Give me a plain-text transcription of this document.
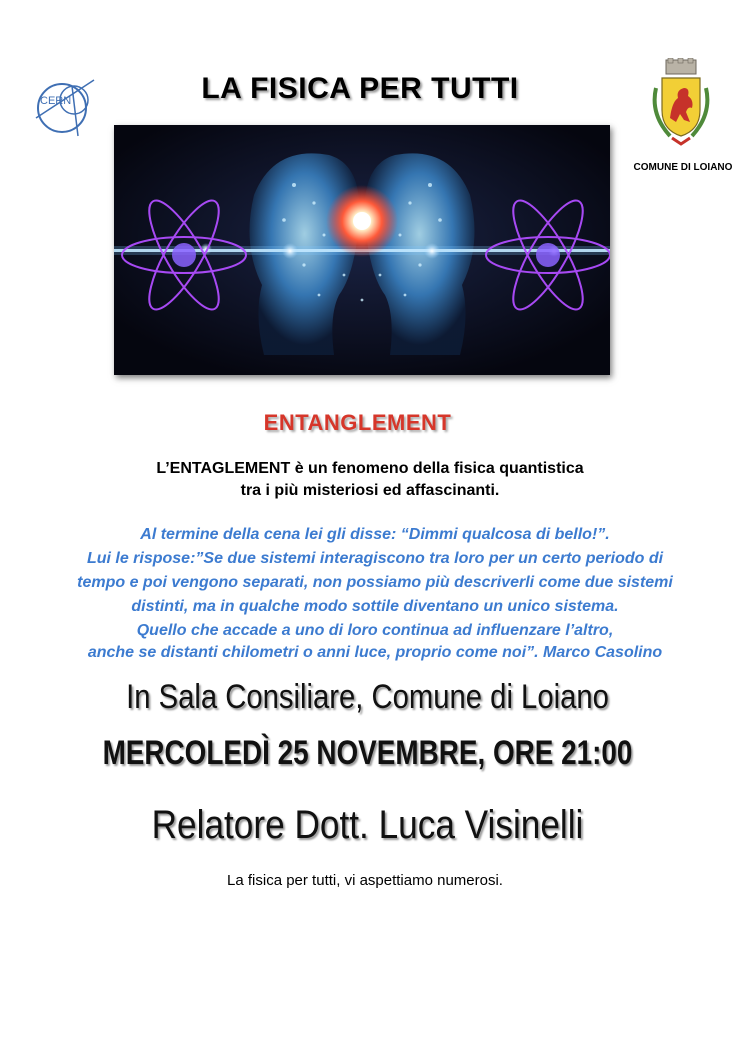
CERN	LA FISICA PER TUTTI
COMUNE DI LOIANO
ENTANGLEMENT
L’ENTAGLEMENT è un fenomeno della fisica quantistica
tra i più misteriosi ed affascinanti.
Al termine della cena lei gli disse: “Dimmi qualcosa di bello!”.
Lui le rispose:”Se due sistemi interagiscono tra loro per un certo periodo di
tempo e poi vengono separati, non possiamo più descriverli come due sistemi
distinti, ma in qualche modo sottile diventano un unico sistema.
Quello che accade a uno di loro continua ad influenzare l’altro,
anche se distanti chilometri o anni luce, proprio come noi”. Marco Casolino
In Sala Consiliare, Comune di Loiano
MERCOLEDÌ 25 NOVEMBRE, ORE 21:00
Relatore Dott. Luca Visinelli
La fisica per tutti, vi aspettiamo numerosi.
